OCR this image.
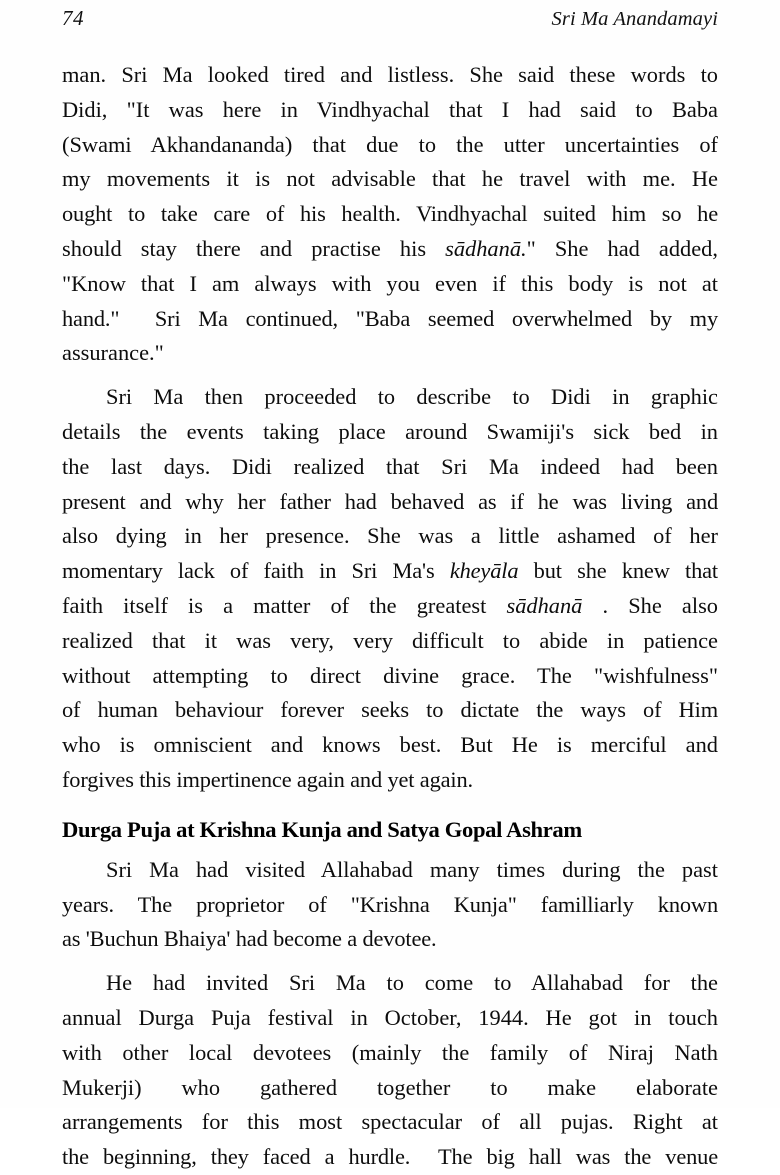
74	Sri Ma Anandamayi

man. Sri Ma looked tired and listless. She said these words to
Didi, "It was here in Vindhyachal that I had said to Baba
(Swami Akhandananda) that due to the utter uncertainties of
my movements it is not advisable that he travel with me. He
ought to take care of his health. Vindhyachal suited him so he
should stay there and practise his sādhanā." She had added,
"Know that I am always with you even if this body is not at
hand."  Sri Ma continued, "Baba seemed overwhelmed by my
assurance."

Sri Ma then proceeded to describe to Didi in graphic
details the events taking place around Swamiji's sick bed in
the last days. Didi realized that Sri Ma indeed had been
present and why her father had behaved as if he was living and
also dying in her presence. She was a little ashamed of her
momentary lack of faith in Sri Ma's kheyāla but she knew that
faith itself is a matter of the greatest sādhanā . She also
realized that it was very, very difficult to abide in patience
without attempting to direct divine grace. The "wishfulness"
of human behaviour forever seeks to dictate the ways of Him
who is omniscient and knows best. But He is merciful and
forgives this impertinence again and yet again.

Durga Puja at Krishna Kunja and Satya Gopal Ashram

Sri Ma had visited Allahabad many times during the past
years. The proprietor of "Krishna Kunja" familliarly known
as 'Buchun Bhaiya' had become a devotee.

He had invited Sri Ma to come to Allahabad for the
annual Durga Puja festival in October, 1944. He got in touch
with other local devotees (mainly the family of Niraj Nath
Mukerji) who gathered together to make elaborate
arrangements for this most spectacular of all pujas. Right at
the beginning, they faced a hurdle.  The big hall was the venue
